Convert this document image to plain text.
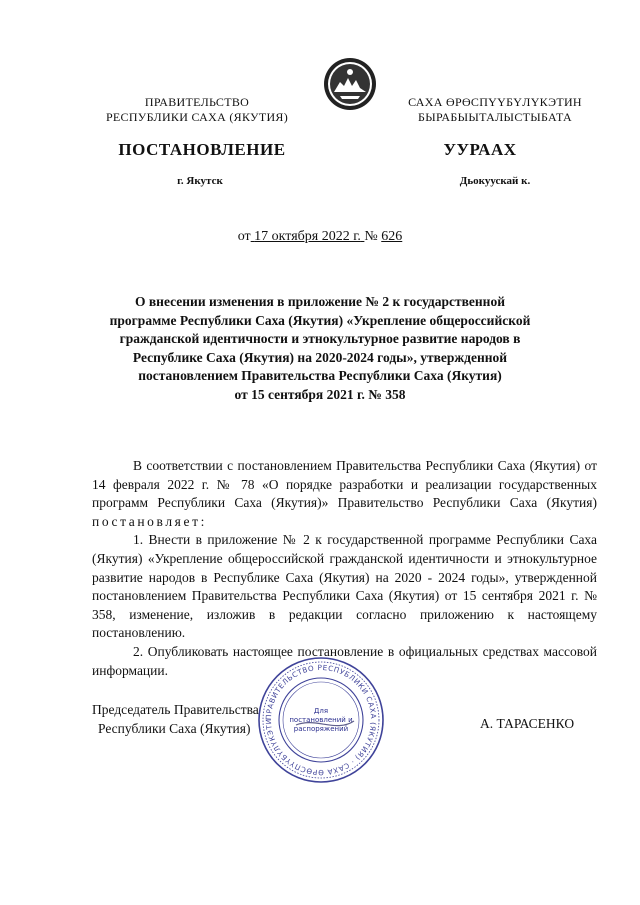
ПРАВИТЕЛЬСТВО
РЕСПУБЛИКИ САХА (ЯКУТИЯ)
САХА ӨРӨСПҮҮБҮЛҮКЭТИН
БЫРАБЫЫТАЛЫСТЫБАТА
ПОСТАНОВЛЕНИЕ	УУРААХ
г. Якутск	Дьокуускай к.
от 17 октября 2022 г. № 626
О внесении изменения в приложение № 2 к государственной
программе Республики Саха (Якутия) «Укрепление общероссийской
гражданской идентичности и этнокультурное развитие народов в
Республике Саха (Якутия) на 2020-2024 годы», утвержденной
постановлением Правительства Республики Саха (Якутия)
от 15 сентября 2021 г. № 358

В соответствии с постановлением Правительства Республики Саха (Якутия) от 14 февраля 2022 г. № 78 «О порядке разработки и реализации государственных программ Республики Саха (Якутия)» Правительство Республики Саха (Якутия) постановляет:

1. Внести в приложение № 2 к государственной программе Республики Саха (Якутия) «Укрепление общероссийской гражданской идентичности и этнокультурное развитие народов в Республике Саха (Якутия) на 2020 - 2024 годы», утвержденной постановлением Правительства Республики Саха (Якутия) от 15 сентября 2021 г. № 358, изменение, изложив в редакции согласно приложению к настоящему постановлению.

2. Опубликовать настоящее постановление в официальных средствах массовой информации.

Председатель Правительства
Республики Саха (Якутия)	А. ТАРАСЕНКО
ПРАВИТЕЛЬСТВО РЕСПУБЛИКИ САХА (ЯКУТИЯ) · САХА ӨРӨСПҮҮБҮЛҮКЭТИ
Для
постановлений и
распоряжений
